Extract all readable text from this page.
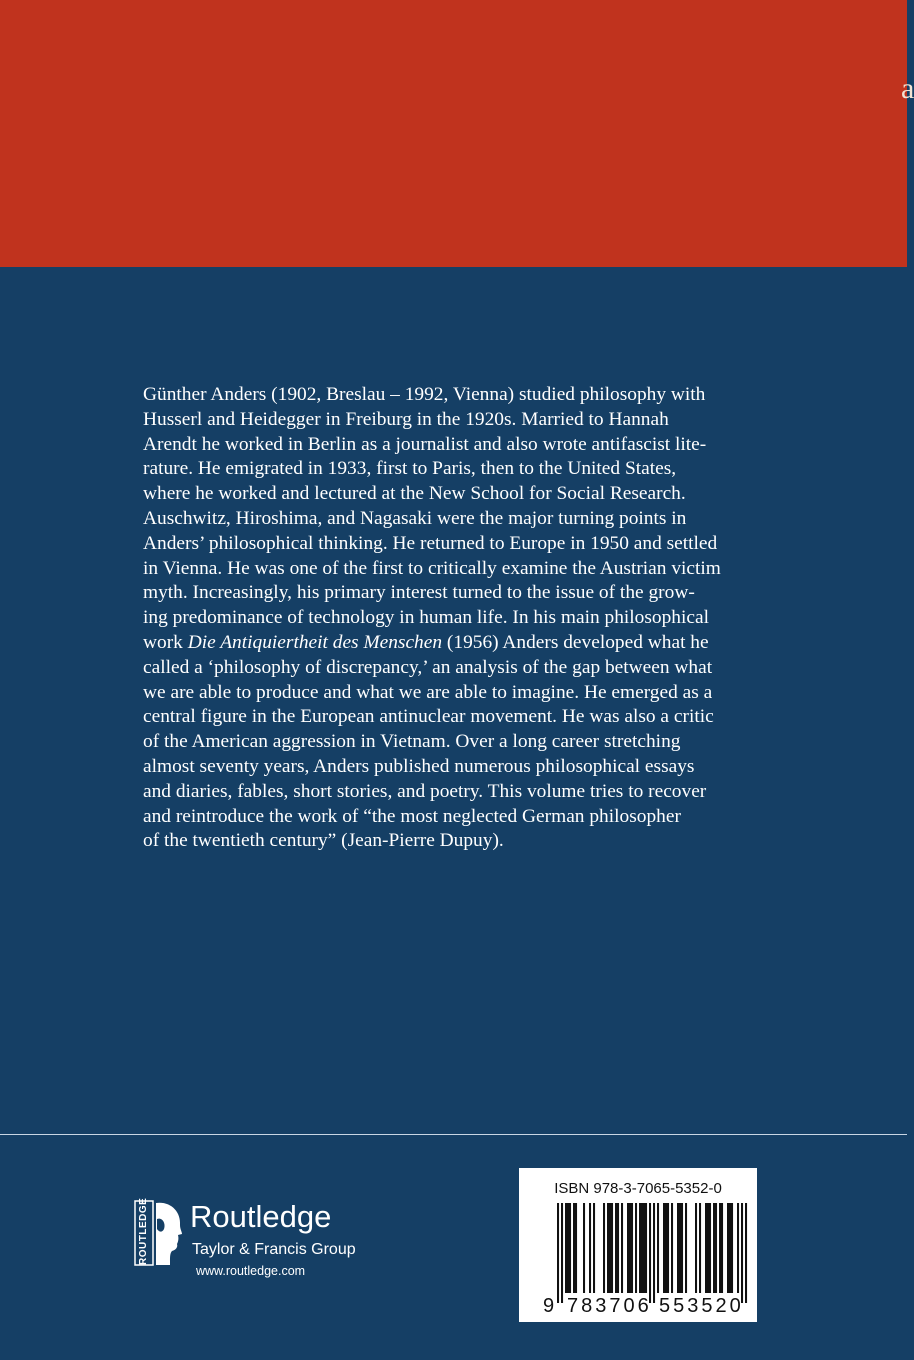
a

Günther Anders (1902, Breslau – 1992, Vienna) studied philosophy with
Husserl and Heidegger in Freiburg in the 1920s. Married to Hannah
Arendt he worked in Berlin as a journalist and also wrote antifascist lite-
rature. He emigrated in 1933, first to Paris, then to the United States,
where he worked and lectured at the New School for Social Research.
Auschwitz, Hiroshima, and Nagasaki were the major turning points in
Anders’ philosophical thinking. He returned to Europe in 1950 and settled
in Vienna. He was one of the first to critically examine the Austrian victim
myth. Increasingly, his primary interest turned to the issue of the grow-
ing predominance of technology in human life. In his main philosophical
work Die Antiquiertheit des Menschen (1956) Anders developed what he
called a ‘philosophy of discrepancy,’ an analysis of the gap between what
we are able to produce and what we are able to imagine. He emerged as a
central figure in the European antinuclear movement. He was also a critic
of the American aggression in Vietnam. Over a long career stretching
almost seventy years, Anders published numerous philosophical essays
and diaries, fables, short stories, and poetry. This volume tries to recover
and reintroduce the work of “the most neglected German philosopher
of the twentieth century” (Jean-Pierre Dupuy).

ROUTLEDGE Routledge
Taylor & Francis Group
www.routledge.com
ISBN 978-3-7065-5352-0
9 783706 553520
